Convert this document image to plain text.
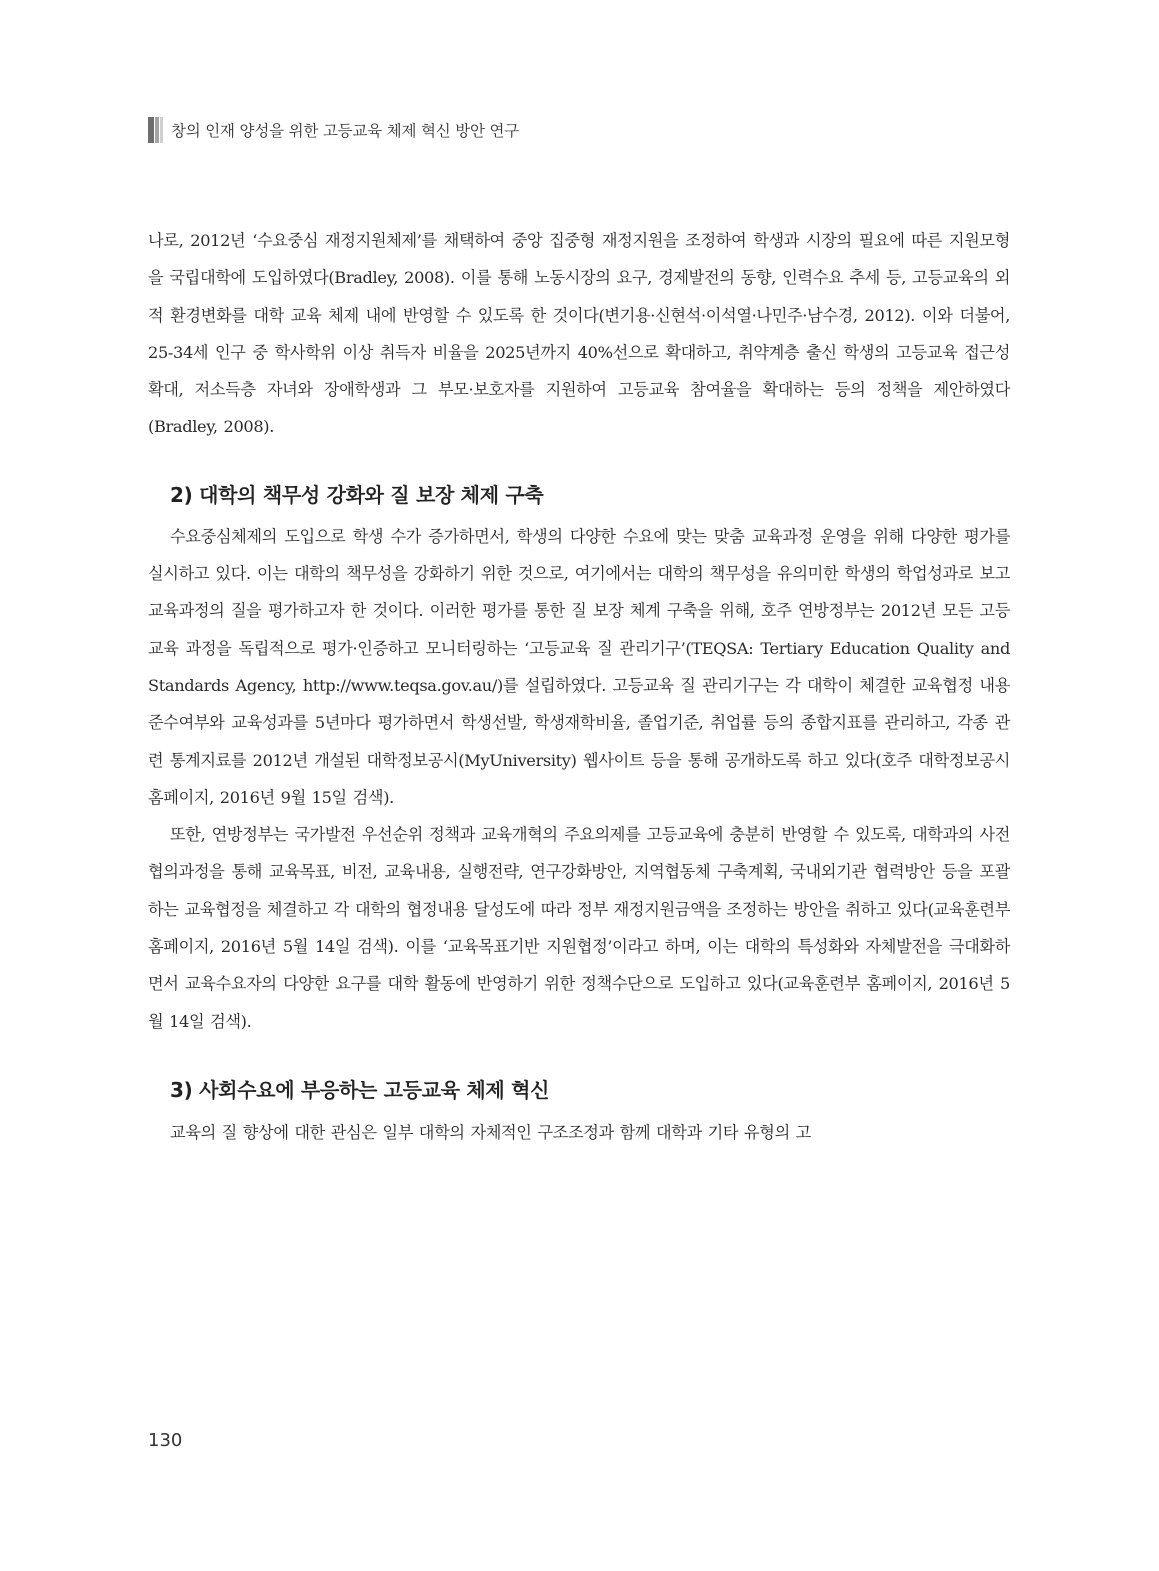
창의 인재 양성을 위한 고등교육 체제 혁신 방안 연구

나로, 2012년 ‘수요중심 재정지원체제’를 채택하여 중앙 집중형 재정지원을 조정하여 학생과 시장의 필요에 따른 지원모형을 국립대학에 도입하였다(Bradley, 2008). 이를 통해 노동시장의 요구, 경제발전의 동향, 인력수요 추세 등, 고등교육의 외적 환경변화를 대학 교육 체제 내에 반영할 수 있도록 한 것이다(변기용·신현석·이석열·나민주·남수경, 2012). 이와 더불어, 25-34세 인구 중 학사학위 이상 취득자 비율을 2025년까지 40%선으로 확대하고, 취약계층 출신 학생의 고등교육 접근성 확대, 저소득층 자녀와 장애학생과 그 부모·보호자를 지원하여 고등교육 참여율을 확대하는 등의 정책을 제안하였다(Bradley, 2008).

2) 대학의 책무성 강화와 질 보장 체제 구축

수요중심체제의 도입으로 학생 수가 증가하면서, 학생의 다양한 수요에 맞는 맞춤 교육과정 운영을 위해 다양한 평가를 실시하고 있다. 이는 대학의 책무성을 강화하기 위한 것으로, 여기에서는 대학의 책무성을 유의미한 학생의 학업성과로 보고 교육과정의 질을 평가하고자 한 것이다. 이러한 평가를 통한 질 보장 체계 구축을 위해, 호주 연방정부는 2012년 모든 고등교육 과정을 독립적으로 평가·인증하고 모니터링하는 ‘고등교육 질 관리기구’(TEQSA: Tertiary Education Quality and Standards Agency, http://www.teqsa.gov.au/)를 설립하였다. 고등교육 질 관리기구는 각 대학이 체결한 교육협정 내용 준수여부와 교육성과를 5년마다 평가하면서 학생선발, 학생재학비율, 졸업기준, 취업률 등의 종합지표를 관리하고, 각종 관련 통계지료를 2012년 개설된 대학정보공시(MyUniversity) 웹사이트 등을 통해 공개하도록 하고 있다(호주 대학정보공시 홈페이지, 2016년 9월 15일 검색).

또한, 연방정부는 국가발전 우선순위 정책과 교육개혁의 주요의제를 고등교육에 충분히 반영할 수 있도록, 대학과의 사전 협의과정을 통해 교육목표, 비전, 교육내용, 실행전략, 연구강화방안, 지역협동체 구축계획, 국내외기관 협력방안 등을 포괄하는 교육협정을 체결하고 각 대학의 협정내용 달성도에 따라 정부 재정지원금액을 조정하는 방안을 취하고 있다(교육훈련부 홈페이지, 2016년 5월 14일 검색). 이를 ‘교육목표기반 지원협정’이라고 하며, 이는 대학의 특성화와 자체발전을 극대화하면서 교육수요자의 다양한 요구를 대학 활동에 반영하기 위한 정책수단으로 도입하고 있다(교육훈련부 홈페이지, 2016년 5월 14일 검색).

3) 사회수요에 부응하는 고등교육 체제 혁신

교육의 질 향상에 대한 관심은 일부 대학의 자체적인 구조조정과 함께 대학과 기타 유형의 고

130
